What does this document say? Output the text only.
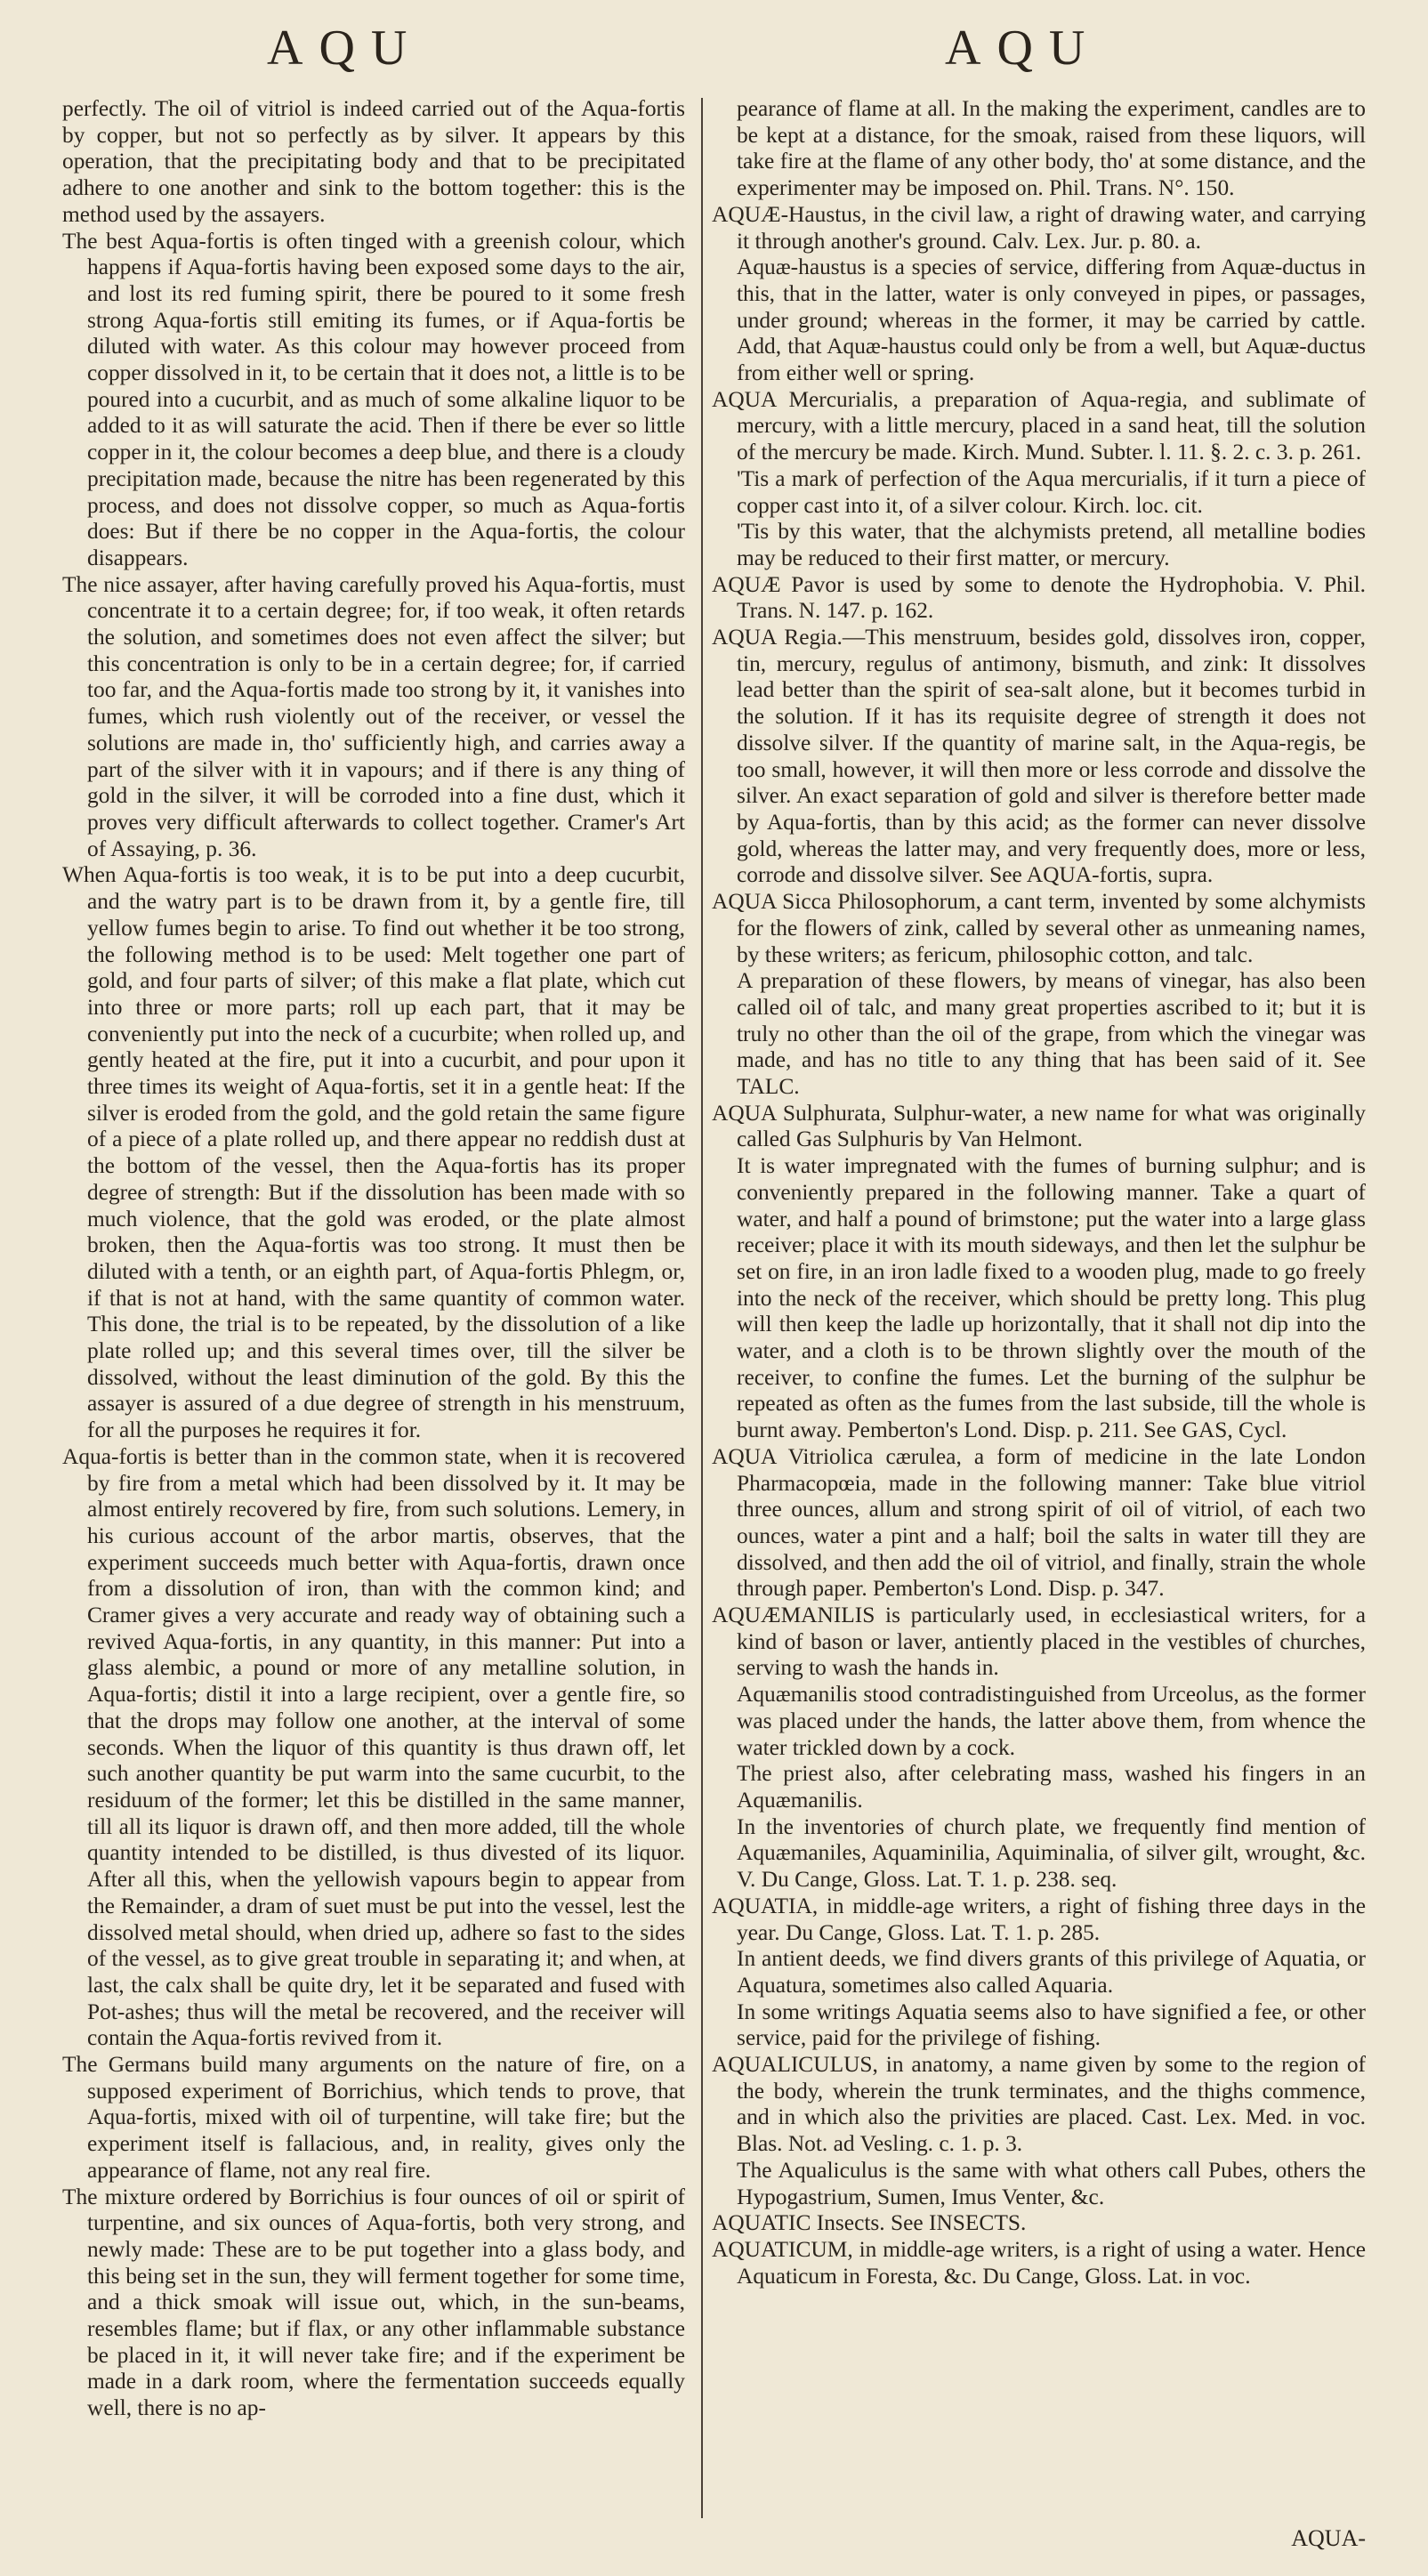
AQU	AQU

perfectly. The oil of vitriol is indeed carried out of the Aqua-fortis by copper, but not so perfectly as by silver. It appears by this operation, that the precipitating body and that to be precipitated adhere to one another and sink to the bottom together: this is the method used by the assayers.

The best Aqua-fortis is often tinged with a greenish colour, which happens if Aqua-fortis having been exposed some days to the air, and lost its red fuming spirit, there be poured to it some fresh strong Aqua-fortis still emiting its fumes, or if Aqua-fortis be diluted with water. As this colour may however proceed from copper dissolved in it, to be certain that it does not, a little is to be poured into a cucurbit, and as much of some alkaline liquor to be added to it as will saturate the acid. Then if there be ever so little copper in it, the colour becomes a deep blue, and there is a cloudy precipitation made, because the nitre has been regenerated by this process, and does not dissolve copper, so much as Aqua-fortis does: But if there be no copper in the Aqua-fortis, the colour disappears.

The nice assayer, after having carefully proved his Aqua-fortis, must concentrate it to a certain degree; for, if too weak, it often retards the solution, and sometimes does not even affect the silver; but this concentration is only to be in a certain degree; for, if carried too far, and the Aqua-fortis made too strong by it, it vanishes into fumes, which rush violently out of the receiver, or vessel the solutions are made in, tho' sufficiently high, and carries away a part of the silver with it in vapours; and if there is any thing of gold in the silver, it will be corroded into a fine dust, which it proves very difficult afterwards to collect together. Cramer's Art of Assaying, p. 36.

When Aqua-fortis is too weak, it is to be put into a deep cucurbit, and the watry part is to be drawn from it, by a gentle fire, till yellow fumes begin to arise. To find out whether it be too strong, the following method is to be used: Melt together one part of gold, and four parts of silver; of this make a flat plate, which cut into three or more parts; roll up each part, that it may be conveniently put into the neck of a cucurbite; when rolled up, and gently heated at the fire, put it into a cucurbit, and pour upon it three times its weight of Aqua-fortis, set it in a gentle heat: If the silver is eroded from the gold, and the gold retain the same figure of a piece of a plate rolled up, and there appear no reddish dust at the bottom of the vessel, then the Aqua-fortis has its proper degree of strength: But if the dissolution has been made with so much violence, that the gold was eroded, or the plate almost broken, then the Aqua-fortis was too strong. It must then be diluted with a tenth, or an eighth part, of Aqua-fortis Phlegm, or, if that is not at hand, with the same quantity of common water. This done, the trial is to be repeated, by the dissolution of a like plate rolled up; and this several times over, till the silver be dissolved, without the least diminution of the gold. By this the assayer is assured of a due degree of strength in his menstruum, for all the purposes he requires it for.

Aqua-fortis is better than in the common state, when it is recovered by fire from a metal which had been dissolved by it. It may be almost entirely recovered by fire, from such solutions. Lemery, in his curious account of the arbor martis, observes, that the experiment succeeds much better with Aqua-fortis, drawn once from a dissolution of iron, than with the common kind; and Cramer gives a very accurate and ready way of obtaining such a revived Aqua-fortis, in any quantity, in this manner: Put into a glass alembic, a pound or more of any metalline solution, in Aqua-fortis; distil it into a large recipient, over a gentle fire, so that the drops may follow one another, at the interval of some seconds. When the liquor of this quantity is thus drawn off, let such another quantity be put warm into the same cucurbit, to the residuum of the former; let this be distilled in the same manner, till all its liquor is drawn off, and then more added, till the whole quantity intended to be distilled, is thus divested of its liquor. After all this, when the yellowish vapours begin to appear from the Remainder, a dram of suet must be put into the vessel, lest the dissolved metal should, when dried up, adhere so fast to the sides of the vessel, as to give great trouble in separating it; and when, at last, the calx shall be quite dry, let it be separated and fused with Pot-ashes; thus will the metal be recovered, and the receiver will contain the Aqua-fortis revived from it.

The Germans build many arguments on the nature of fire, on a supposed experiment of Borrichius, which tends to prove, that Aqua-fortis, mixed with oil of turpentine, will take fire; but the experiment itself is fallacious, and, in reality, gives only the appearance of flame, not any real fire.

The mixture ordered by Borrichius is four ounces of oil or spirit of turpentine, and six ounces of Aqua-fortis, both very strong, and newly made: These are to be put together into a glass body, and this being set in the sun, they will ferment together for some time, and a thick smoak will issue out, which, in the sun-beams, resembles flame; but if flax, or any other inflammable substance be placed in it, it will never take fire; and if the experiment be made in a dark room, where the fermentation succeeds equally well, there is no ap-

pearance of flame at all. In the making the experiment, candles are to be kept at a distance, for the smoak, raised from these liquors, will take fire at the flame of any other body, tho' at some distance, and the experimenter may be imposed on. Phil. Trans. N°. 150.

AQUÆ-Haustus, in the civil law, a right of drawing water, and carrying it through another's ground. Calv. Lex. Jur. p. 80. a.

Aquæ-haustus is a species of service, differing from Aquæ-ductus in this, that in the latter, water is only conveyed in pipes, or passages, under ground; whereas in the former, it may be carried by cattle. Add, that Aquæ-haustus could only be from a well, but Aquæ-ductus from either well or spring.

AQUA Mercurialis, a preparation of Aqua-regia, and sublimate of mercury, with a little mercury, placed in a sand heat, till the solution of the mercury be made. Kirch. Mund. Subter. l. 11. §. 2. c. 3. p. 261.

'Tis a mark of perfection of the Aqua mercurialis, if it turn a piece of copper cast into it, of a silver colour. Kirch. loc. cit.

'Tis by this water, that the alchymists pretend, all metalline bodies may be reduced to their first matter, or mercury.

AQUÆ Pavor is used by some to denote the Hydrophobia. V. Phil. Trans. N. 147. p. 162.

AQUA Regia.—This menstruum, besides gold, dissolves iron, copper, tin, mercury, regulus of antimony, bismuth, and zink: It dissolves lead better than the spirit of sea-salt alone, but it becomes turbid in the solution. If it has its requisite degree of strength it does not dissolve silver. If the quantity of marine salt, in the Aqua-regis, be too small, however, it will then more or less corrode and dissolve the silver. An exact separation of gold and silver is therefore better made by Aqua-fortis, than by this acid; as the former can never dissolve gold, whereas the latter may, and very frequently does, more or less, corrode and dissolve silver. See AQUA-fortis, supra.

AQUA Sicca Philosophorum, a cant term, invented by some alchymists for the flowers of zink, called by several other as unmeaning names, by these writers; as fericum, philosophic cotton, and talc.

A preparation of these flowers, by means of vinegar, has also been called oil of talc, and many great properties ascribed to it; but it is truly no other than the oil of the grape, from which the vinegar was made, and has no title to any thing that has been said of it. See TALC.

AQUA Sulphurata, Sulphur-water, a new name for what was originally called Gas Sulphuris by Van Helmont.

It is water impregnated with the fumes of burning sulphur; and is conveniently prepared in the following manner. Take a quart of water, and half a pound of brimstone; put the water into a large glass receiver; place it with its mouth sideways, and then let the sulphur be set on fire, in an iron ladle fixed to a wooden plug, made to go freely into the neck of the receiver, which should be pretty long. This plug will then keep the ladle up horizontally, that it shall not dip into the water, and a cloth is to be thrown slightly over the mouth of the receiver, to confine the fumes. Let the burning of the sulphur be repeated as often as the fumes from the last subside, till the whole is burnt away. Pemberton's Lond. Disp. p. 211. See GAS, Cycl.

AQUA Vitriolica cærulea, a form of medicine in the late London Pharmacopœia, made in the following manner: Take blue vitriol three ounces, allum and strong spirit of oil of vitriol, of each two ounces, water a pint and a half; boil the salts in water till they are dissolved, and then add the oil of vitriol, and finally, strain the whole through paper. Pemberton's Lond. Disp. p. 347.

AQUÆMANILIS is particularly used, in ecclesiastical writers, for a kind of bason or laver, antiently placed in the vestibles of churches, serving to wash the hands in.

Aquæmanilis stood contradistinguished from Urceolus, as the former was placed under the hands, the latter above them, from whence the water trickled down by a cock.

The priest also, after celebrating mass, washed his fingers in an Aquæmanilis.

In the inventories of church plate, we frequently find mention of Aquæmaniles, Aquaminilia, Aquiminalia, of silver gilt, wrought, &c. V. Du Cange, Gloss. Lat. T. 1. p. 238. seq.

AQUATIA, in middle-age writers, a right of fishing three days in the year. Du Cange, Gloss. Lat. T. 1. p. 285.

In antient deeds, we find divers grants of this privilege of Aquatia, or Aquatura, sometimes also called Aquaria.

In some writings Aquatia seems also to have signified a fee, or other service, paid for the privilege of fishing.

AQUALICULUS, in anatomy, a name given by some to the region of the body, wherein the trunk terminates, and the thighs commence, and in which also the privities are placed. Cast. Lex. Med. in voc. Blas. Not. ad Vesling. c. 1. p. 3.

The Aqualiculus is the same with what others call Pubes, others the Hypogastrium, Sumen, Imus Venter, &c.

AQUATIC Insects. See INSECTS.

AQUATICUM, in middle-age writers, is a right of using a water. Hence Aquaticum in Foresta, &c. Du Cange, Gloss. Lat. in voc.

AQUA-
